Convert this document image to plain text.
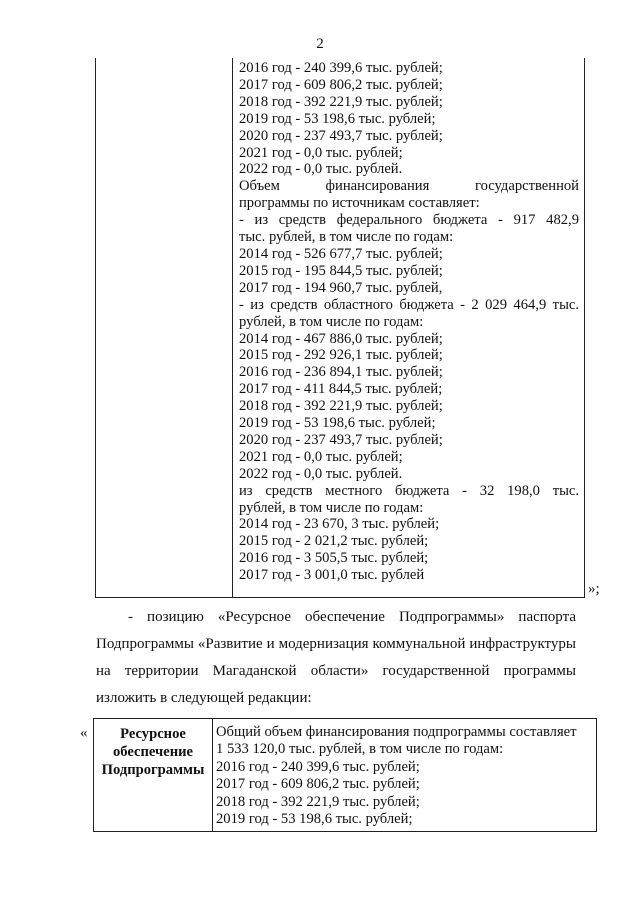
2
2016 год - 240 399,6 тыс. рублей;
2017 год - 609 806,2 тыс. рублей;
2018 год - 392 221,9 тыс. рублей;
2019 год - 53 198,6 тыс. рублей;
2020 год - 237 493,7 тыс. рублей;
2021 год - 0,0 тыс. рублей;
2022 год - 0,0 тыс. рублей.
Объем финансирования государственной
программы по источникам составляет:
- из средств федерального бюджета - 917 482,9
тыс. рублей, в том числе по годам:
2014 год - 526 677,7 тыс. рублей;
2015 год - 195 844,5 тыс. рублей;
2017 год - 194 960,7 тыс. рублей,
- из средств областного бюджета - 2 029 464,9 тыс.
рублей, в том числе по годам:
2014 год - 467 886,0 тыс. рублей;
2015 год - 292 926,1 тыс. рублей;
2016 год - 236 894,1 тыс. рублей;
2017 год - 411 844,5 тыс. рублей;
2018 год - 392 221,9 тыс. рублей;
2019 год - 53 198,6 тыс. рублей;
2020 год - 237 493,7 тыс. рублей;
2021 год - 0,0 тыс. рублей;
2022 год - 0,0 тыс. рублей.
из средств местного бюджета - 32 198,0 тыс.
рублей, в том числе по годам:
2014 год - 23 670, 3 тыс. рублей;
2015 год - 2 021,2 тыс. рублей;
2016 год - 3 505,5 тыс. рублей;
2017 год - 3 001,0 тыс. рублей
»;
- позицию «Ресурсное обеспечение Подпрограммы» паспорта
Подпрограммы «Развитие и модернизация коммунальной инфраструктуры
на территории Магаданской области» государственной программы
изложить в следующей редакции:
«	Ресурсное
обеспечение
Подпрограммы
Общий объем финансирования подпрограммы составляет
1 533 120,0 тыс. рублей, в том числе по годам:
2016 год - 240 399,6 тыс. рублей;
2017 год - 609 806,2 тыс. рублей;
2018 год - 392 221,9 тыс. рублей;
2019 год - 53 198,6 тыс. рублей;
